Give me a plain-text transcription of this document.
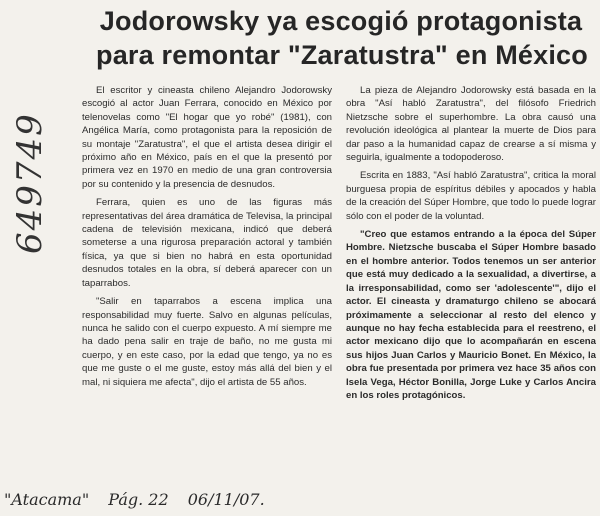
649749
Jodorowsky ya escogió protagonista
para remontar "Zaratustra" en México

El escritor y cineasta chileno Alejandro Jodorowsky escogió al actor Juan Ferrara, conocido en México por telenovelas como "El hogar que yo robé" (1981), con Angélica María, como protagonista para la reposición de su montaje "Zaratustra", el que el artista desea dirigir el próximo año en México, país en el que la presentó por primera vez en 1970 en medio de una gran controversia por su contenido y la presencia de desnudos.

Ferrara, quien es uno de las figuras más representativas del área dramática de Televisa, la principal cadena de televisión mexicana, indicó que deberá someterse a una rigurosa preparación actoral y también física, ya que si bien no habrá en esta oportunidad desnudos totales en la obra, sí deberá aparecer con un taparrabos.

"Salir en taparrabos a escena implica una responsabilidad muy fuerte. Salvo en algunas películas, nunca he salido con el cuerpo expuesto. A mí siempre me ha dado pena salir en traje de baño, no me gusta mi cuerpo, y en este caso, por la edad que tengo, ya no es que me guste o el me guste, estoy más allá del bien y el mal, ni siquiera me afecta", dijo el artista de 55 años.

La pieza de Alejandro Jodorowsky está basada en la obra "Así habló Zaratustra", del filósofo Friedrich Nietzsche sobre el superhombre. La obra causó una revolución ideológica al plantear la muerte de Dios para dar paso a la humanidad capaz de crearse a sí misma y seguirla, igualmente a todopoderoso.

Escrita en 1883, "Así habló Zaratustra", critica la moral burguesa propia de espíritus débiles y apocados y habla de la creación del Súper Hombre, que todo lo puede lograr sólo con el poder de la voluntad.

"Creo que estamos entrando a la época del Súper Hombre. Nietzsche buscaba el Súper Hombre basado en el hombre anterior. Todos tenemos un ser anterior que está muy dedicado a la sexualidad, a divertirse, a la irresponsabilidad, como ser 'adolescente'", dijo el actor. El cineasta y dramaturgo chileno se abocará próximamente a seleccionar al resto del elenco y aunque no hay fecha establecida para el reestreno, el actor mexicano dijo que lo acompañarán en escena sus hijos Juan Carlos y Mauricio Bonet. En México, la obra fue presentada por primera vez hace 35 años con Isela Vega, Héctor Bonilla, Jorge Luke y Carlos Ancira en los roles protagónicos.

"Atacama" Pág. 22 06/11/07.
